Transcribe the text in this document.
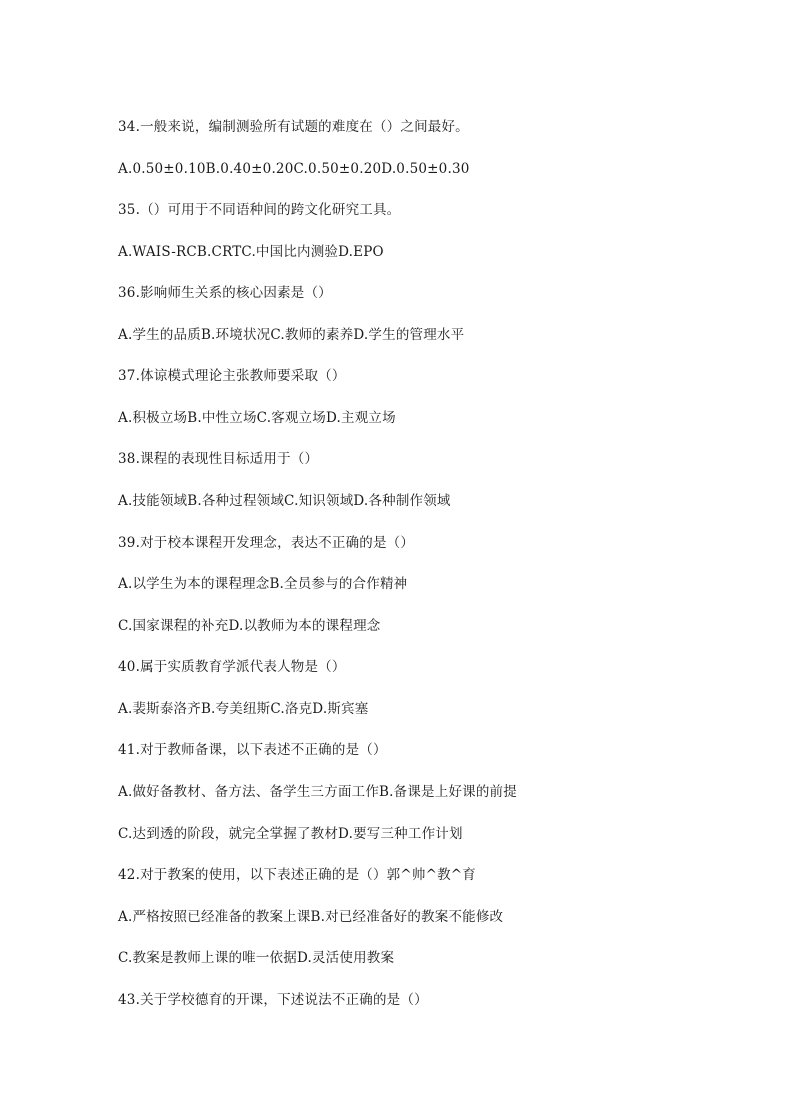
34.一般来说，编制测验所有试题的难度在（）之间最好。
A.0.50±0.10B.0.40±0.20C.0.50±0.20D.0.50±0.30
35.（）可用于不同语种间的跨文化研究工具。
A.WAIS-RCB.CRTC.中国比内测验D.EPO
36.影响师生关系的核心因素是（）
A.学生的品质B.环境状况C.教师的素养D.学生的管理水平
37.体谅模式理论主张教师要采取（）
A.积极立场B.中性立场C.客观立场D.主观立场
38.课程的表现性目标适用于（）
A.技能领域B.各种过程领域C.知识领域D.各种制作领域
39.对于校本课程开发理念，表达不正确的是（）
A.以学生为本的课程理念B.全员参与的合作精神
C.国家课程的补充D.以教师为本的课程理念
40.属于实质教育学派代表人物是（）
A.裴斯泰洛齐B.夸美纽斯C.洛克D.斯宾塞
41.对于教师备课，以下表述不正确的是（）
A.做好备教材、备方法、备学生三方面工作B.备课是上好课的前提
C.达到透的阶段，就完全掌握了教材D.要写三种工作计划
42.对于教案的使用，以下表述正确的是（）郭^帅^教^育
A.严格按照已经准备的教案上课B.对已经准备好的教案不能修改
C.教案是教师上课的唯一依据D.灵活使用教案
43.关于学校德育的开课，下述说法不正确的是（）
